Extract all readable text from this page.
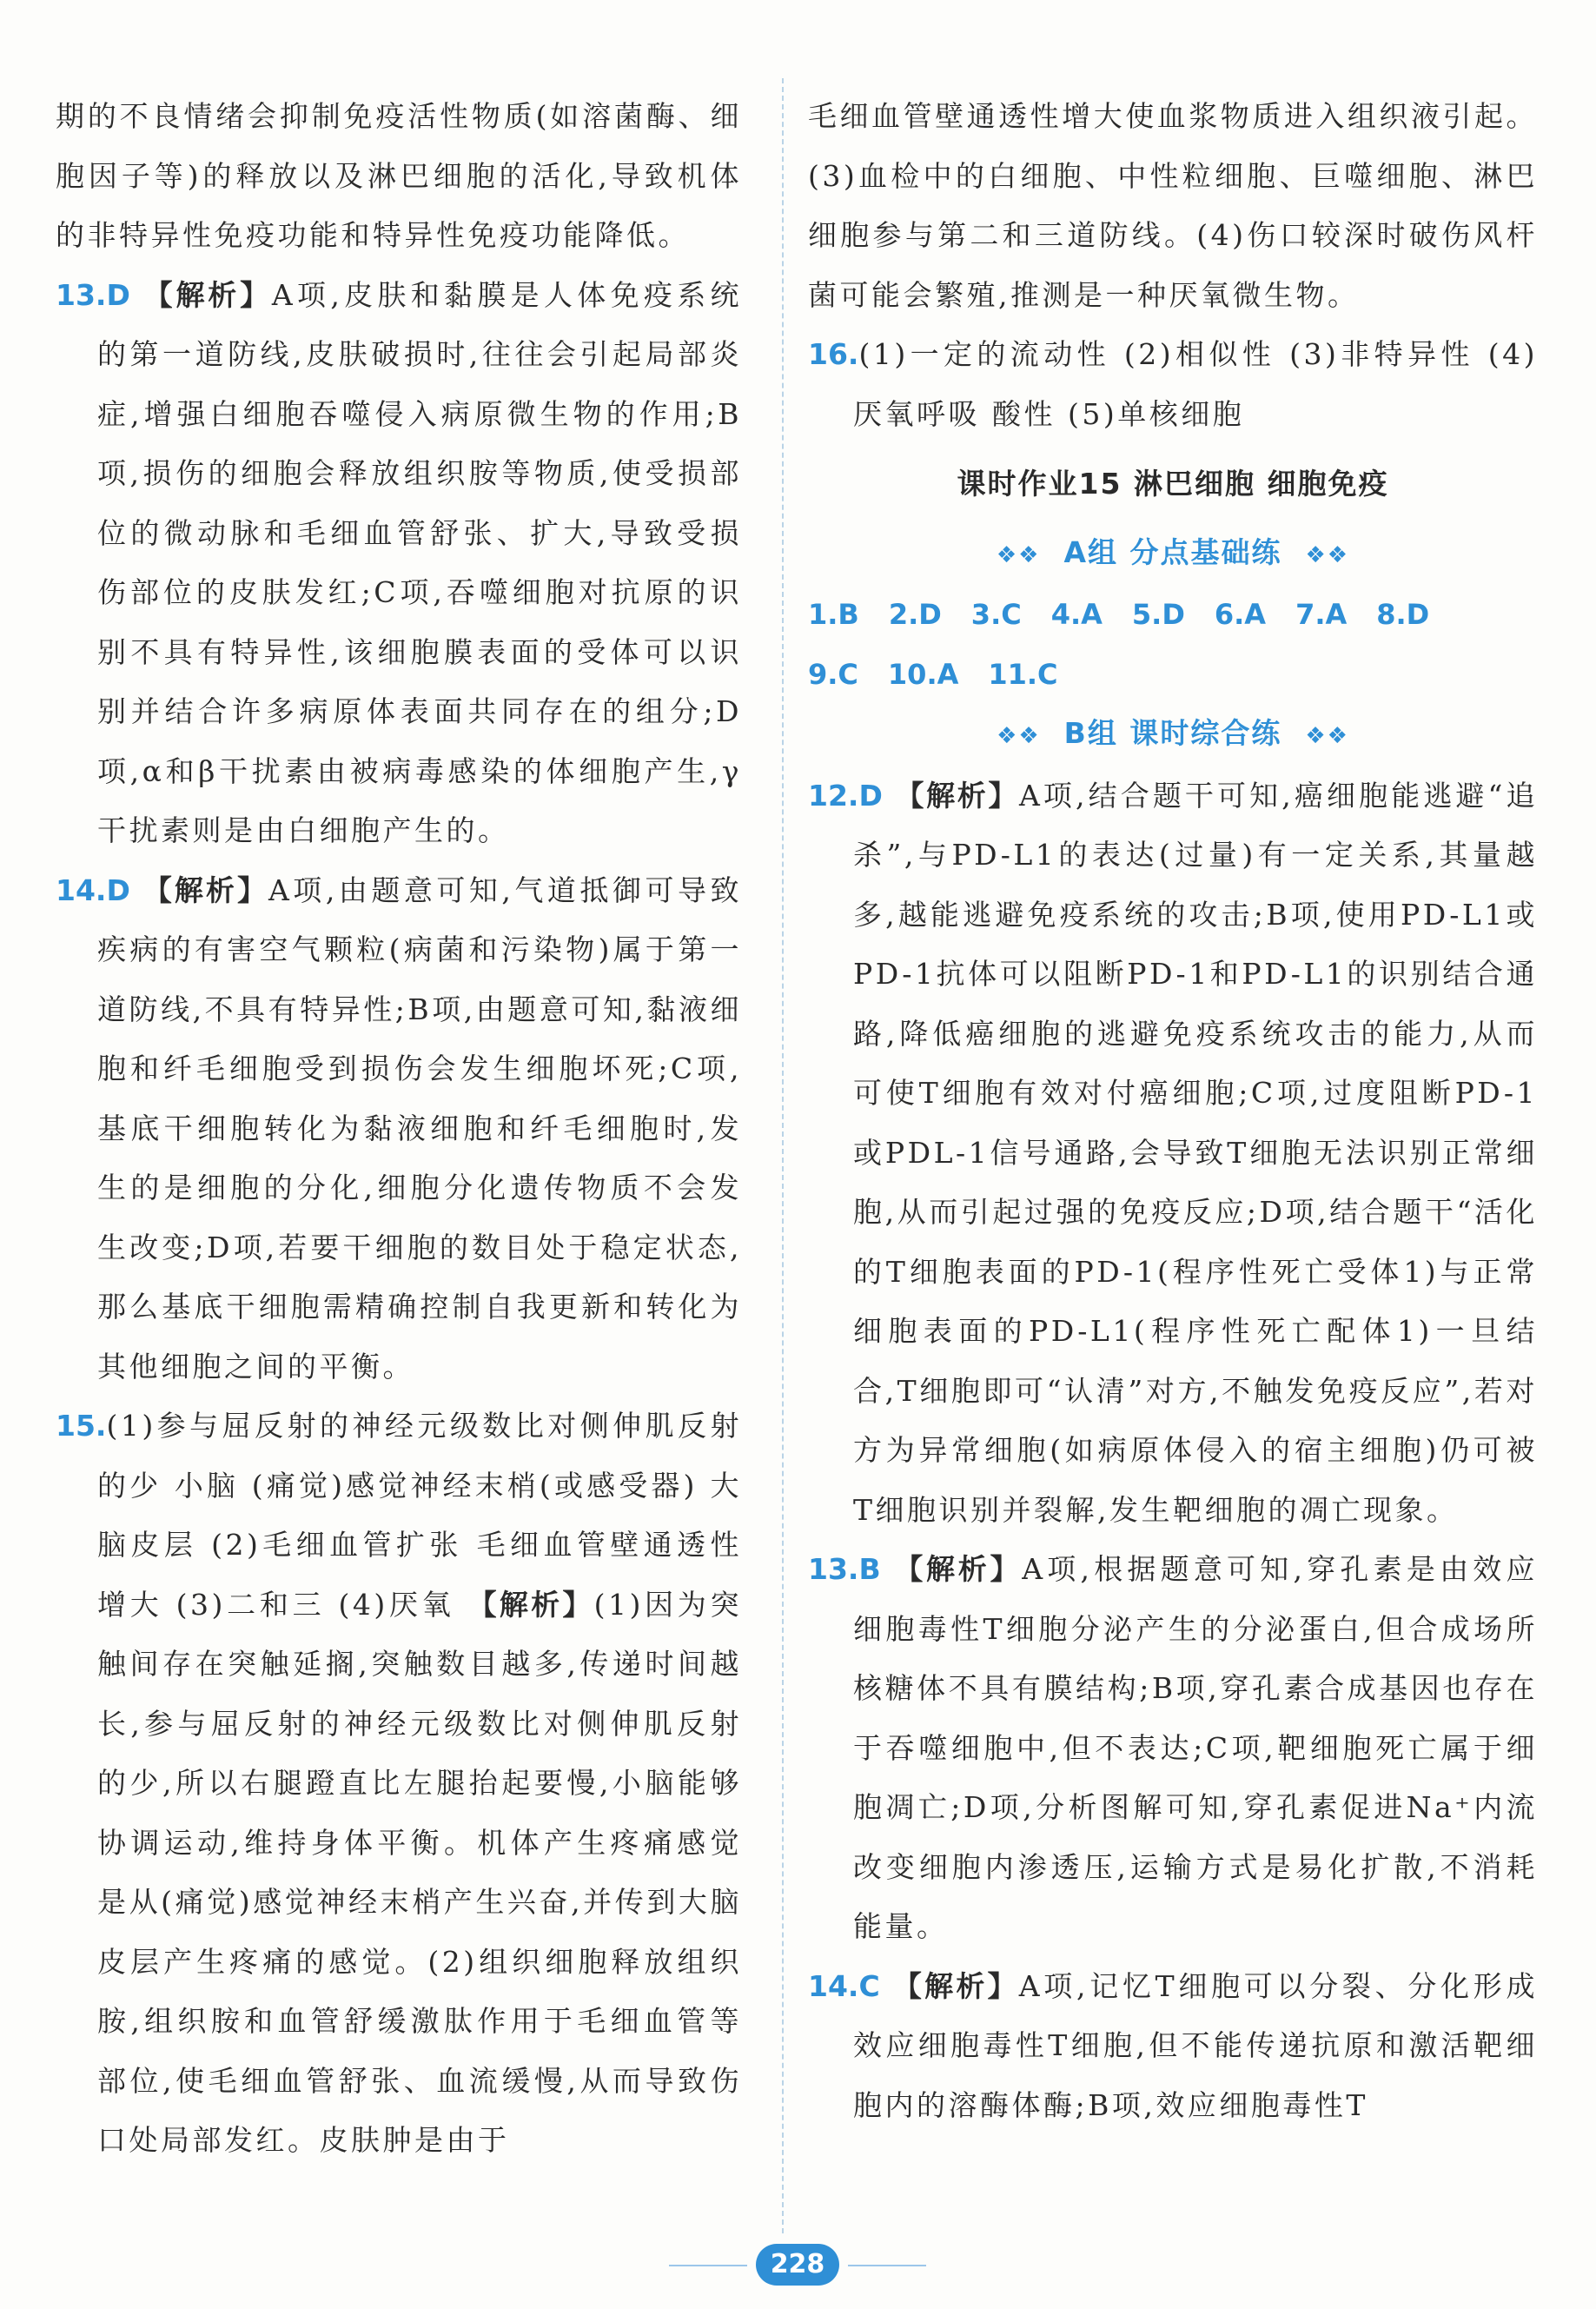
期的不良情绪会抑制免疫活性物质(如溶菌酶、细胞因子等)的释放以及淋巴细胞的活化,导致机体的非特异性免疫功能和特异性免疫功能降低。

13.D 【解析】A项,皮肤和黏膜是人体免疫系统的第一道防线,皮肤破损时,往往会引起局部炎症,增强白细胞吞噬侵入病原微生物的作用;B项,损伤的细胞会释放组织胺等物质,使受损部位的微动脉和毛细血管舒张、扩大,导致受损伤部位的皮肤发红;C项,吞噬细胞对抗原的识别不具有特异性,该细胞膜表面的受体可以识别并结合许多病原体表面共同存在的组分;D项,α和β干扰素由被病毒感染的体细胞产生,γ干扰素则是由白细胞产生的。

14.D 【解析】A项,由题意可知,气道抵御可导致疾病的有害空气颗粒(病菌和污染物)属于第一道防线,不具有特异性;B项,由题意可知,黏液细胞和纤毛细胞受到损伤会发生细胞坏死;C项,基底干细胞转化为黏液细胞和纤毛细胞时,发生的是细胞的分化,细胞分化遗传物质不会发生改变;D项,若要干细胞的数目处于稳定状态,那么基底干细胞需精确控制自我更新和转化为其他细胞之间的平衡。

15.(1)参与屈反射的神经元级数比对侧伸肌反射的少 小脑 (痛觉)感觉神经末梢(或感受器) 大脑皮层 (2)毛细血管扩张 毛细血管壁通透性增大 (3)二和三 (4)厌氧 【解析】(1)因为突触间存在突触延搁,突触数目越多,传递时间越长,参与屈反射的神经元级数比对侧伸肌反射的少,所以右腿蹬直比左腿抬起要慢,小脑能够协调运动,维持身体平衡。机体产生疼痛感觉是从(痛觉)感觉神经末梢产生兴奋,并传到大脑皮层产生疼痛的感觉。(2)组织细胞释放组织胺,组织胺和血管舒缓激肽作用于毛细血管等部位,使毛细血管舒张、血流缓慢,从而导致伤口处局部发红。皮肤肿是由于

毛细血管壁通透性增大使血浆物质进入组织液引起。(3)血检中的白细胞、中性粒细胞、巨噬细胞、淋巴细胞参与第二和三道防线。(4)伤口较深时破伤风杆菌可能会繁殖,推测是一种厌氧微生物。

16.(1)一定的流动性 (2)相似性 (3)非特异性 (4)厌氧呼吸 酸性 (5)单核细胞

课时作业15 淋巴细胞 细胞免疫
❖❖ A组 分点基础练 ❖❖
1.B 2.D 3.C 4.A 5.D 6.A 7.A 8.D
9.C 10.A 11.C
❖❖ B组 课时综合练 ❖❖

12.D 【解析】A项,结合题干可知,癌细胞能逃避“追杀”,与PD-L1的表达(过量)有一定关系,其量越多,越能逃避免疫系统的攻击;B项,使用PD-L1或PD-1抗体可以阻断PD-1和PD-L1的识别结合通路,降低癌细胞的逃避免疫系统攻击的能力,从而可使T细胞有效对付癌细胞;C项,过度阻断PD-1或PDL-1信号通路,会导致T细胞无法识别正常细胞,从而引起过强的免疫反应;D项,结合题干“活化的T细胞表面的PD-1(程序性死亡受体1)与正常细胞表面的PD-L1(程序性死亡配体1)一旦结合,T细胞即可“认清”对方,不触发免疫反应”,若对方为异常细胞(如病原体侵入的宿主细胞)仍可被T细胞识别并裂解,发生靶细胞的凋亡现象。

13.B 【解析】A项,根据题意可知,穿孔素是由效应细胞毒性T细胞分泌产生的分泌蛋白,但合成场所核糖体不具有膜结构;B项,穿孔素合成基因也存在于吞噬细胞中,但不表达;C项,靶细胞死亡属于细胞凋亡;D项,分析图解可知,穿孔素促进Na⁺内流改变细胞内渗透压,运输方式是易化扩散,不消耗能量。

14.C 【解析】A项,记忆T细胞可以分裂、分化形成效应细胞毒性T细胞,但不能传递抗原和激活靶细胞内的溶酶体酶;B项,效应细胞毒性T

228
